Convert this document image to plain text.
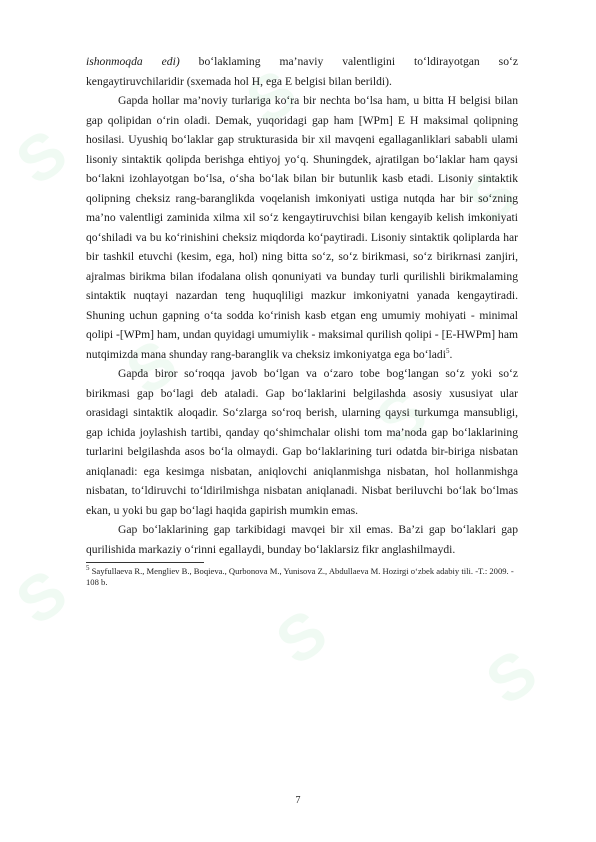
S
S
S
S
S
S	S S

ishonmoqda edi) bo‘laklaming ma’naviy valentligini to‘ldirayotgan so‘z kengaytiruvchilaridir (sxemada hol H, ega E belgisi bilan berildi).

Gapda hollar ma’noviy turlariga ko‘ra bir nechta bo‘lsa ham, u bitta H belgisi bilan gap qolipidan o‘rin oladi. Demak, yuqoridagi gap ham [WPm] E H maksimal qolipning hosilasi. Uyushiq bo‘laklar gap strukturasida bir xil mavqeni egallaganliklari sababli ulami lisoniy sintaktik qolipda berishga ehtiyoj yo‘q. Shuningdek, ajratilgan bo‘laklar ham qaysi bo‘lakni izohlayotgan bo‘lsa, o‘sha bo‘lak bilan bir butunlik kasb etadi. Lisoniy sintaktik qolipning cheksiz rang-baranglikda voqelanish imkoniyati ustiga nutqda har bir so‘zning ma’no valentligi zaminida xilma xil so‘z kengaytiruvchisi bilan kengayib kelish imkoniyati qo‘shiladi va bu ko‘rinishini cheksiz miqdorda ko‘paytiradi. Lisoniy sintaktik qoliplarda har bir tashkil etuvchi (kesim, ega, hol) ning bitta so‘z, so‘z birikmasi, so‘z birikrnasi zanjiri, ajralmas birikma bilan ifodalana olish qonuniyati va bunday turli qurilishli birikmalaming sintaktik nuqtayi nazardan teng huquqliligi mazkur imkoniyatni yanada kengaytiradi. Shuning uchun gapning o‘ta sodda ko‘rinish kasb etgan eng umumiy mohiyati - minimal qolipi -[WPm] ham, undan quyidagi umumiylik - maksimal qurilish qolipi - [E-HWPm] ham nutqimizda mana shunday rang-baranglik va cheksiz imkoniyatga ega bo‘ladi$^5$.

Gapda biror so‘roqqa javob bo‘lgan va o‘zaro tobe bog‘langan so‘z yoki so‘z birikmasi gap bo‘lagi deb ataladi. Gap bo‘laklarini belgilashda asosiy xususiyat ular orasidagi sintaktik aloqadir. So‘zlarga so‘roq berish, ularning qaysi turkumga mansubligi, gap ichida joylashish tartibi, qanday qo‘shimchalar olishi tom ma’noda gap bo‘laklarining turlarini belgilashda asos bo‘la olmaydi. Gap bo‘laklarining turi odatda bir-biriga nisbatan aniqlanadi: ega kesimga nisbatan, aniqlovchi aniqlanmishga nisbatan, hol hollanmishga nisbatan, to‘ldiruvchi to‘ldirilmishga nisbatan aniqlanadi. Nisbat beriluvchi bo‘lak bo‘lmas ekan, u yoki bu gap bo‘lagi haqida gapirish mumkin emas.

Gap bo‘laklarining gap tarkibidagi mavqei bir xil emas. Ba’zi gap bo‘laklari gap qurilishida markaziy o‘rinni egallaydi, bunday bo‘laklarsiz fikr anglashilmaydi.

$^5$ Sayfullaeva R., Mengliev B., Boqieva., Qurbonova M., Yunisova Z., Abdullaeva M. Hozirgi o‘zbek adabiy tili. -T.: 2009. - 108 b.
7
